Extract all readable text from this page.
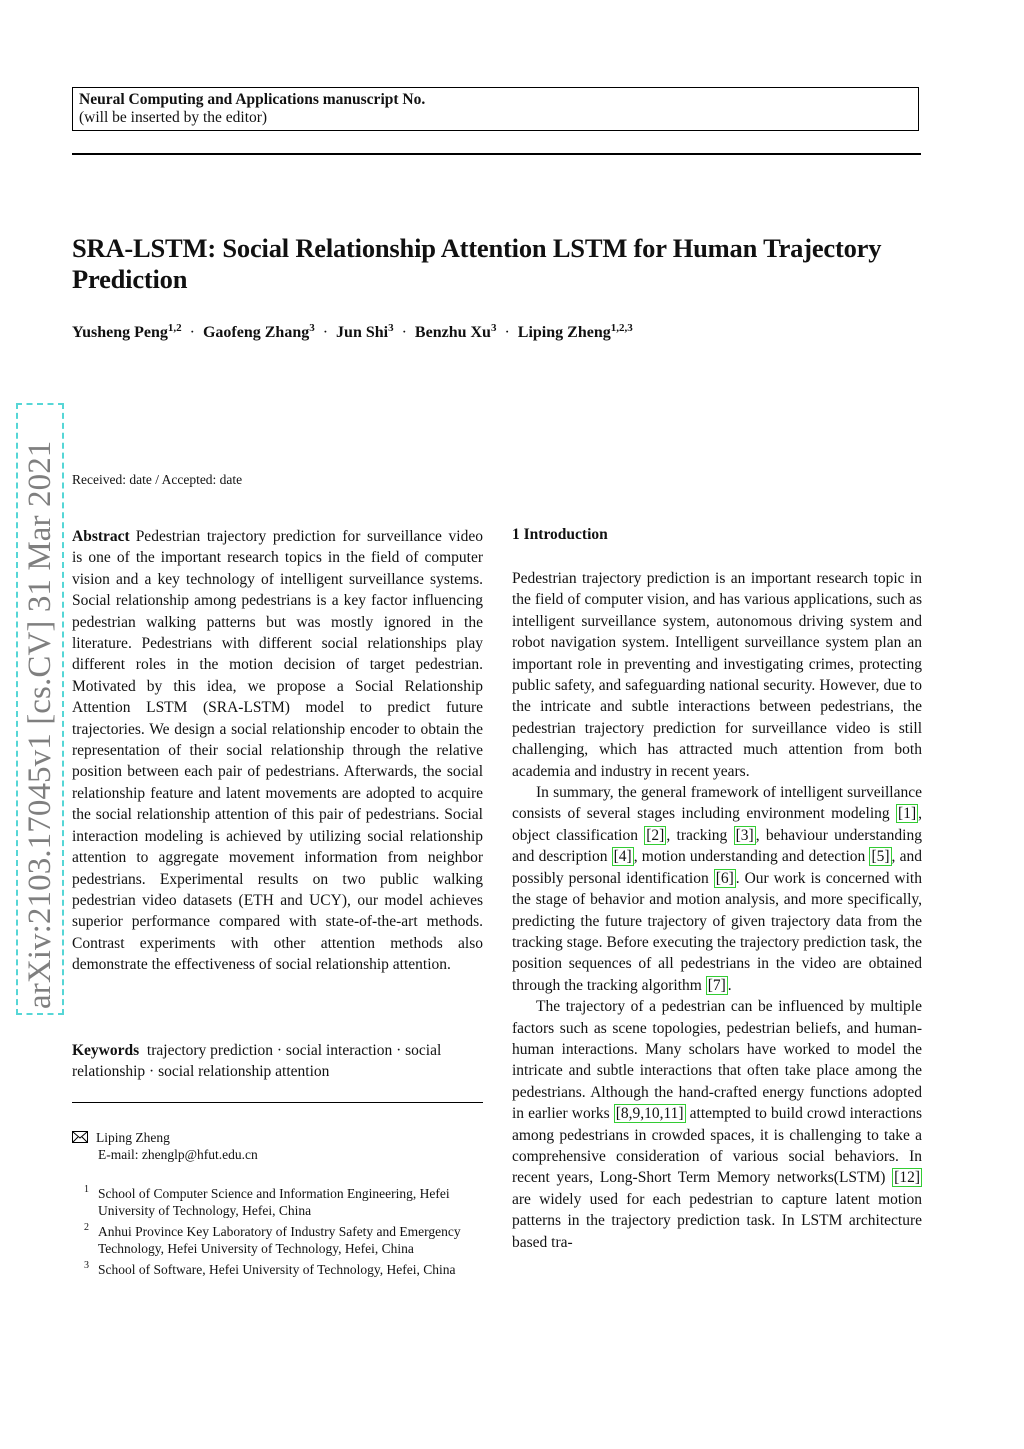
Neural Computing and Applications manuscript No.
(will be inserted by the editor)
SRA-LSTM: Social Relationship Attention LSTM for Human Trajectory Prediction
Yusheng Peng$^{1,2}$ · Gaofeng Zhang$^3$ · Jun Shi$^3$ · Benzhu $Xu^3$ · Liping Zheng$^{1,2,3}$
arXiv:2103.17045v1 [cs.CV] 31 Mar 2021	Received: date / Accepted: date
Abstract Pedestrian trajectory prediction for surveillance video is one of the important research topics in the field of computer vision and a key technology of intelligent surveillance systems. Social relationship among pedestrians is a key factor influencing pedestrian walking patterns but was mostly ignored in the literature. Pedestrians with different social relationships play different roles in the motion decision of target pedestrian. Motivated by this idea, we propose a Social Relationship Attention LSTM (SRA-LSTM) model to predict future trajectories. We design a social relationship encoder to obtain the representation of their social relationship through the relative position between each pair of pedestrians. Afterwards, the social relationship feature and latent movements are adopted to acquire the social relationship attention of this pair of pedestrians. Social interaction modeling is achieved by utilizing social relationship attention to aggregate movement information from neighbor pedestrians. Experimental results on two public walking pedestrian video datasets (ETH and UCY), our model achieves superior performance compared with state-of-the-art methods. Contrast experiments with other attention methods also demonstrate the effectiveness of social relationship attention.
Keywords trajectory prediction · social interaction · social relationship · social relationship attention
Liping Zheng
E-mail: zhenglp@hfut.edu.cn
1 School of Computer Science and Information Engineering, Hefei University of Technology, Hefei, China
2 Anhui Province Key Laboratory of Industry Safety and Emergency Technology, Hefei University of Technology, Hefei, China
3 School of Software, Hefei University of Technology, Hefei, China
1 Introduction

Pedestrian trajectory prediction is an important research topic in the field of computer vision, and has various applications, such as intelligent surveillance system, autonomous driving system and robot navigation system. Intelligent surveillance system plan an important role in preventing and investigating crimes, protecting public safety, and safeguarding national security. However, due to the intricate and subtle interactions between pedestrians, the pedestrian trajectory prediction for surveillance video is still challenging, which has attracted much attention from both academia and industry in recent years.

In summary, the general framework of intelligent surveillance consists of several stages including environment modeling [1] , object classification [2] , tracking [3] , behaviour understanding and description [4] , motion understanding and detection [5] , and possibly personal identification [6] . Our work is concerned with the stage of behavior and motion analysis, and more specifically, predicting the future trajectory of given trajectory data from the tracking stage. Before executing the trajectory prediction task, the position sequences of all pedestrians in the video are obtained through the tracking algorithm [7] .

The trajectory of a pedestrian can be influenced by multiple factors such as scene topologies, pedestrian beliefs, and human-human interactions. Many scholars have worked to model the intricate and subtle interactions that often take place among the pedestrians. Although the hand-crafted energy functions adopted in earlier works [8,9,10,11] attempted to build crowd interactions among pedestrians in crowded spaces, it is challenging to take a comprehensive consideration of various social behaviors. In recent years, Long-Short Term Memory networks(LSTM) [12] are widely used for each pedestrian to capture latent motion patterns in the trajectory prediction task. In LSTM architecture based tra-
